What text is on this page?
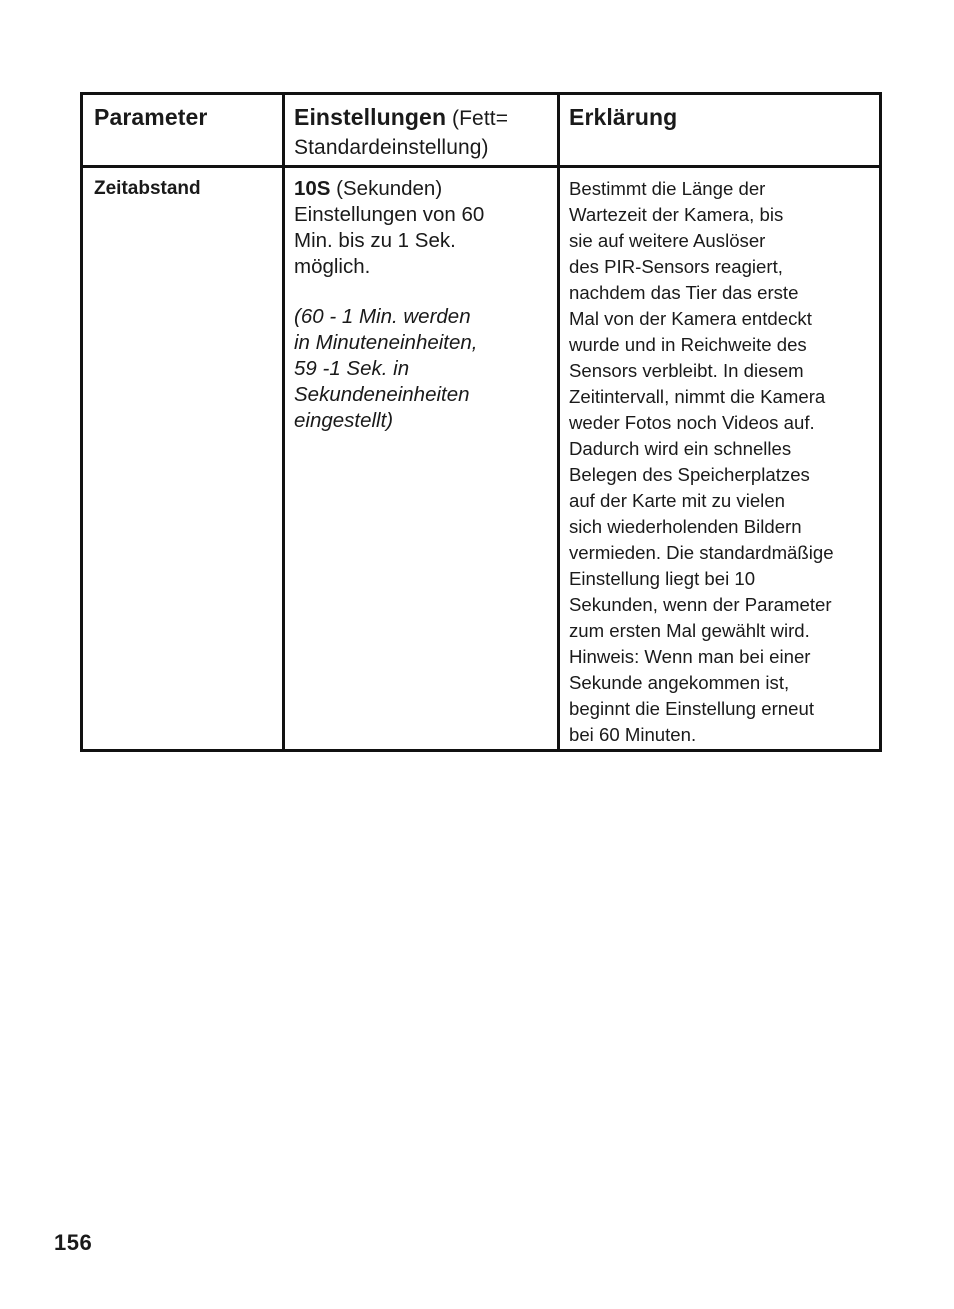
Parameter	Einstellungen (Fett=
Standardeinstellung)
Erklärung
Zeitabstand	10S (Sekunden)
Einstellungen von 60
Min. bis zu 1 Sek.
möglich.
(60 - 1 Min. werden
in Minuteneinheiten,
59 -1 Sek. in
Sekundeneinheiten
eingestellt)
Bestimmt die Länge der
Wartezeit der Kamera, bis
sie auf weitere Auslöser
des PIR-Sensors reagiert,
nachdem das Tier das erste
Mal von der Kamera entdeckt
wurde und in Reichweite des
Sensors verbleibt. In diesem
Zeitintervall, nimmt die Kamera
weder Fotos noch Videos auf.
Dadurch wird ein schnelles
Belegen des Speicherplatzes
auf der Karte mit zu vielen
sich wiederholenden Bildern
vermieden. Die standardmäßige
Einstellung liegt bei 10
Sekunden, wenn der Parameter
zum ersten Mal gewählt wird.
Hinweis: Wenn man bei einer
Sekunde angekommen ist,
beginnt die Einstellung erneut
bei 60 Minuten.
156
